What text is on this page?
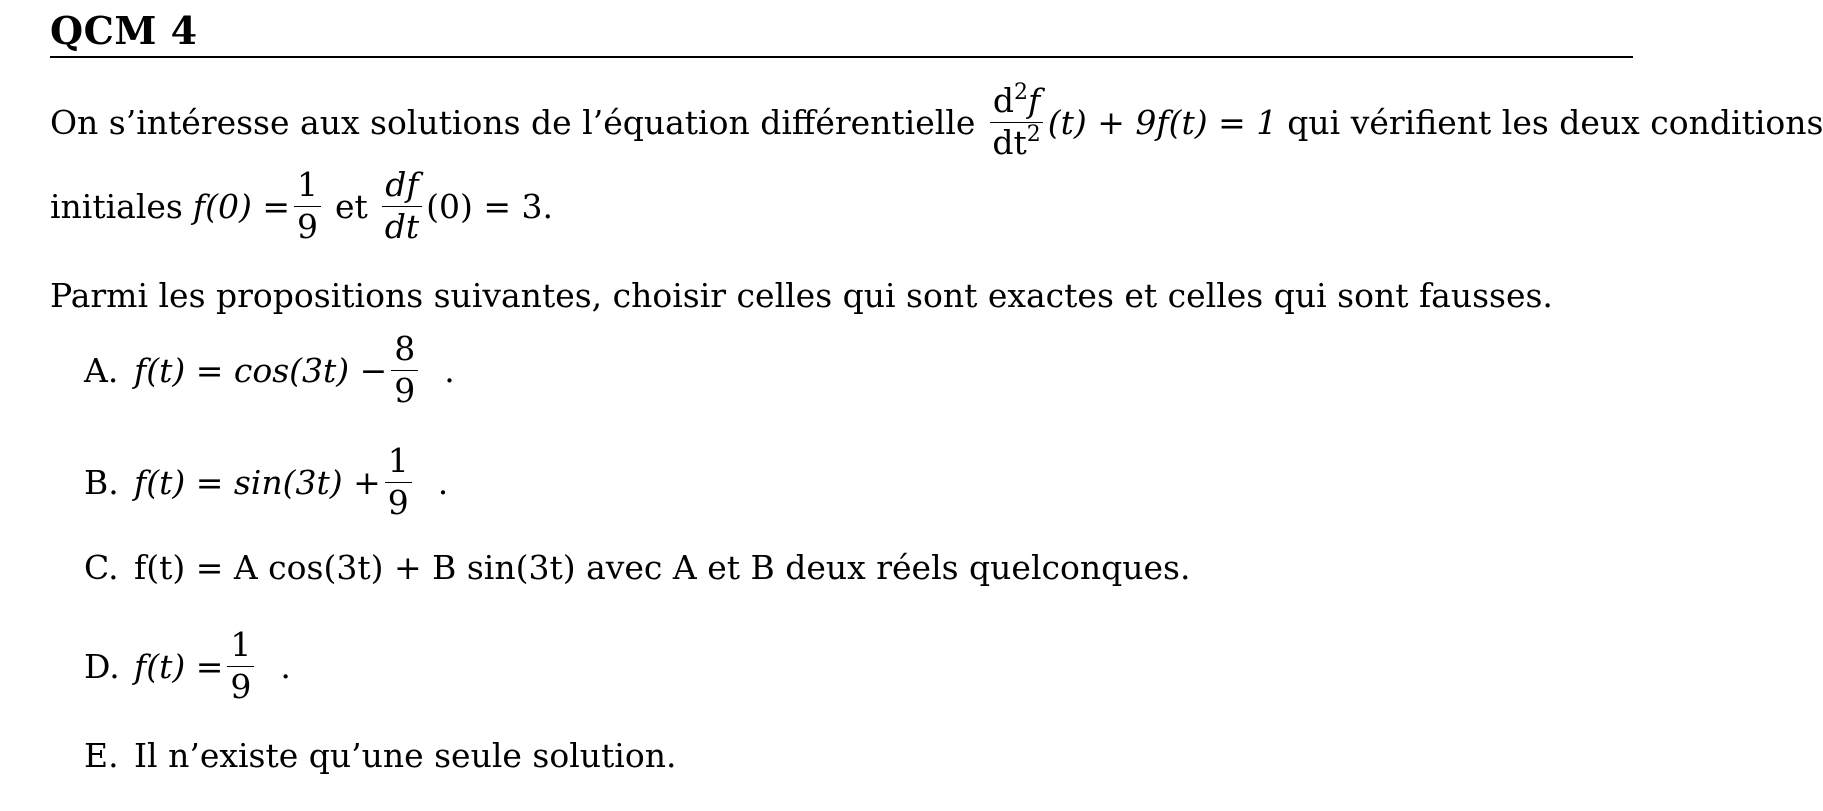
QCM 4
On s’intéresse aux solutions de l’équation différentielle $\frac{d^2f}{dt^2} (t) + 9f(t) = 1$ qui vérifient les deux conditions
initiales $f(0) = \frac{1}{9}$ et $\frac{df}{dt} (0) = 3$.
Parmi les propositions suivantes, choisir celles qui sont exactes et celles qui sont fausses.
A. $f(t) = \cos(3t) - \frac{8}{9}$ .
B. $f(t) = \sin(3t) + \frac{1}{9}$ .
C. f(t) = A cos(3t) + B sin(3t) avec A et B deux réels quelconques.
D. $f(t) = \frac{1}{9}$ .
E. Il n’existe qu’une seule solution.
